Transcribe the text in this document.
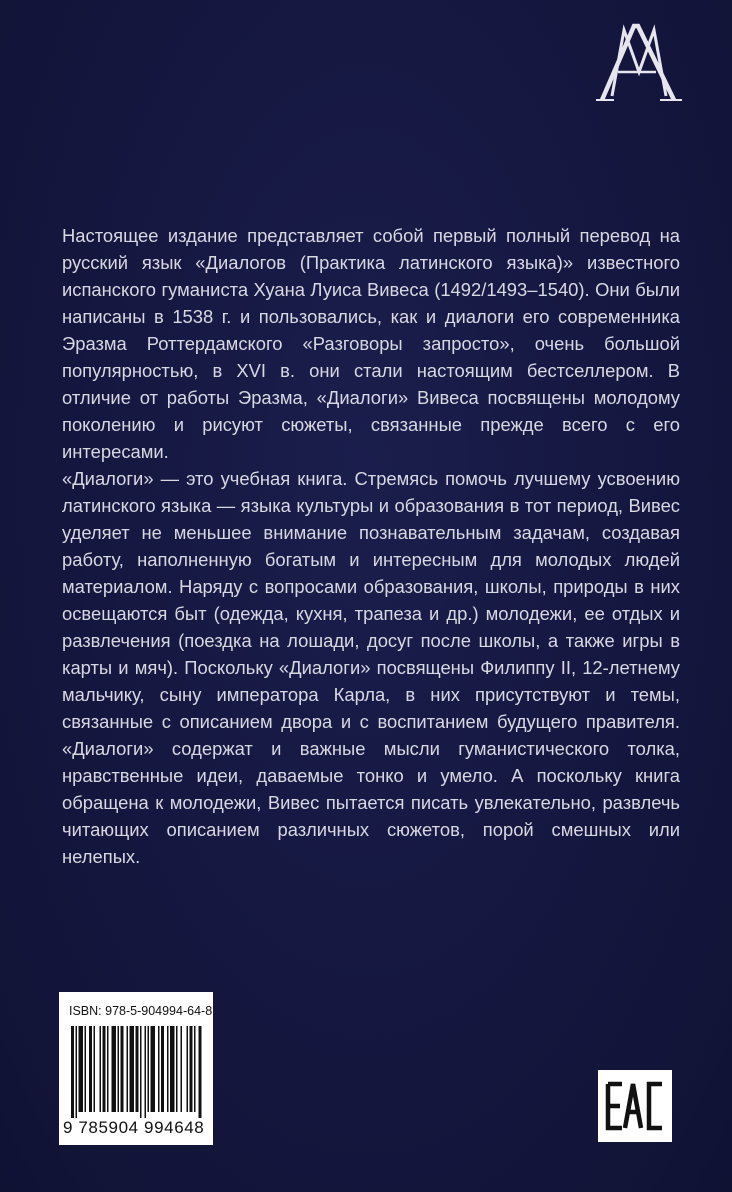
Настоящее издание представляет собой первый полный перевод на русский язык «Диалогов (Практика латинского языка)» известного испанского гуманиста Хуана Луиса Вивеса (1492/1493–1540). Они были написаны в 1538 г. и пользовались, как и диалоги его современника Эразма Роттердамского «Разговоры запросто», очень большой популярностью, в XVI в. они стали настоящим бестселлером. В отличие от работы Эразма, «Диалоги» Вивеса посвящены молодому поколению и рисуют сюжеты, связанные прежде всего с его интересами.

«Диалоги» — это учебная книга. Стремясь помочь лучшему усвоению латинского языка — языка культуры и образования в тот период, Вивес уделяет не меньшее внимание познавательным задачам, создавая работу, наполненную богатым и интересным для молодых людей материалом. Наряду с вопросами образования, школы, природы в них освещаются быт (одежда, кухня, трапеза и др.) молодежи, ее отдых и развлечения (поездка на лошади, досуг после школы, а также игры в карты и мяч). Поскольку «Диалоги» посвящены Филиппу II, 12-летнему мальчику, сыну императора Карла, в них присутствуют и темы, связанные с описанием двора и с воспитанием будущего правителя. «Диалоги» содержат и важные мысли гуманистического толка, нравственные идеи, даваемые тонко и умело. А поскольку книга обращена к молодежи, Вивес пытается писать увлекательно, развлечь читающих описанием различных сюжетов, порой смешных или нелепых.

ISBN: 978-5-904994-64-8
9 785904 994648
